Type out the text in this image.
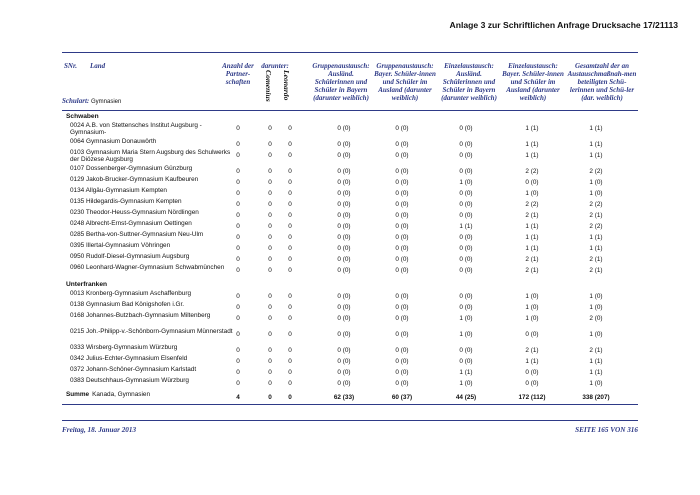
Anlage 3 zur Schriftlichen Anfrage Drucksache 17/21113
SNr. Land	Anzahl der Partner-schaften
darunter:
Comenius Leonardo
Gruppenaustausch: Ausländ. Schülerinnen und Schüler in Bayern (darunter weiblich)
Gruppenaustausch: Bayer. Schüler-innen und Schüler im Ausland (darunter weiblich)
Einzelaustausch: Ausländ. Schülerinnen und Schüler in Bayern (darunter weiblich)
Einzelaustausch: Bayer. Schüler-innen und Schüler im Ausland (darunter weiblich)
Gesamtzahl der an Austauschmaßnah-men beteiligten Schü-lerinnen und Schü-ler (dar. weiblich)
Schulart: Gymnasien
Schwaben
0024 A.B. von Stettensches Institut Augsburg - Gymnasium-
0	0	0	0 (0)	0 (0)	0 (0)	1 (1)	1 (1)
0064 Gymnasium Donauwörth	0	0	0	0 (0)	0 (0)	0 (0)	1 (1)	1 (1)
0103 Gymnasium Maria Stern Augsburg des Schulwerks der Diözese Augsburg
0	0	0	0 (0)	0 (0)	0 (0)	1 (1)	1 (1)
0107 Dossenberger-Gymnasium Günzburg	0	0	0	0 (0)	0 (0)	0 (0)	2 (2)	2 (2)
0129 Jakob-Brucker-Gymnasium Kaufbeuren	0	0	0	0 (0)	0 (0)	1 (0)	0 (0)	1 (0)
0134 Allgäu-Gymnasium Kempten	0	0	0	0 (0)	0 (0)	0 (0)	1 (0)	1 (0)
0135 Hildegardis-Gymnasium Kempten	0	0	0	0 (0)	0 (0)	0 (0)	2 (2)	2 (2)
0230 Theodor-Heuss-Gymnasium Nördlingen	0	0	0	0 (0)	0 (0)	0 (0)	2 (1)	2 (1)
0248 Albrecht-Ernst-Gymnasium Oettingen	0	0	0	0 (0)	0 (0)	1 (1)	1 (1)	2 (2)
0285 Bertha-von-Suttner-Gymnasium Neu-Ulm	0	0	0	0 (0)	0 (0)	0 (0)	1 (1)	1 (1)
0395 Illertal-Gymnasium Vöhringen	0	0	0	0 (0)	0 (0)	0 (0)	1 (1)	1 (1)
0950 Rudolf-Diesel-Gymnasium Augsburg	0	0	0	0 (0)	0 (0)	0 (0)	2 (1)	2 (1)
0960 Leonhard-Wagner-Gymnasium Schwabmünchen	0	0	0	0 (0)	0 (0)	0 (0)	2 (1)	2 (1)
Unterfranken
0013 Kronberg-Gymnasium Aschaffenburg	0	0	0	0 (0)	0 (0)	0 (0)	1 (0)	1 (0)
0138 Gymnasium Bad Königshofen i.Gr.	0	0	0	0 (0)	0 (0)	0 (0)	1 (0)	1 (0)
0168 Johannes-Butzbach-Gymnasium Miltenberg	0	0	0	0 (0)	0 (0)	1 (0)	1 (0)	2 (0)
0215 Joh.-Philipp-v.-Schönborn-Gymnasium Münnerstadt 0	0	0	0 (0)	0 (0)	1 (0)	0 (0)	1 (0)
0333 Wirsberg-Gymnasium Würzburg	0	0	0	0 (0)	0 (0)	0 (0)	2 (1)	2 (1)
0342 Julius-Echter-Gymnasium Elsenfeld	0	0	0	0 (0)	0 (0)	0 (0)	1 (1)	1 (1)
0372 Johann-Schöner-Gymnasium Karlstadt	0	0	0	0 (0)	0 (0)	1 (1)	0 (0)	1 (1)
0383 Deutschhaus-Gymnasium Würzburg	0	0	0	0 (0)	0 (0)	1 (0)	0 (0)	1 (0)
Summe Kanada, Gymnasien	4	0	0	62 (33)	60 (37)	44 (25)	172 (112)	338 (207)
Freitag, 18. Januar 2013	SEITE 165 VON 316
